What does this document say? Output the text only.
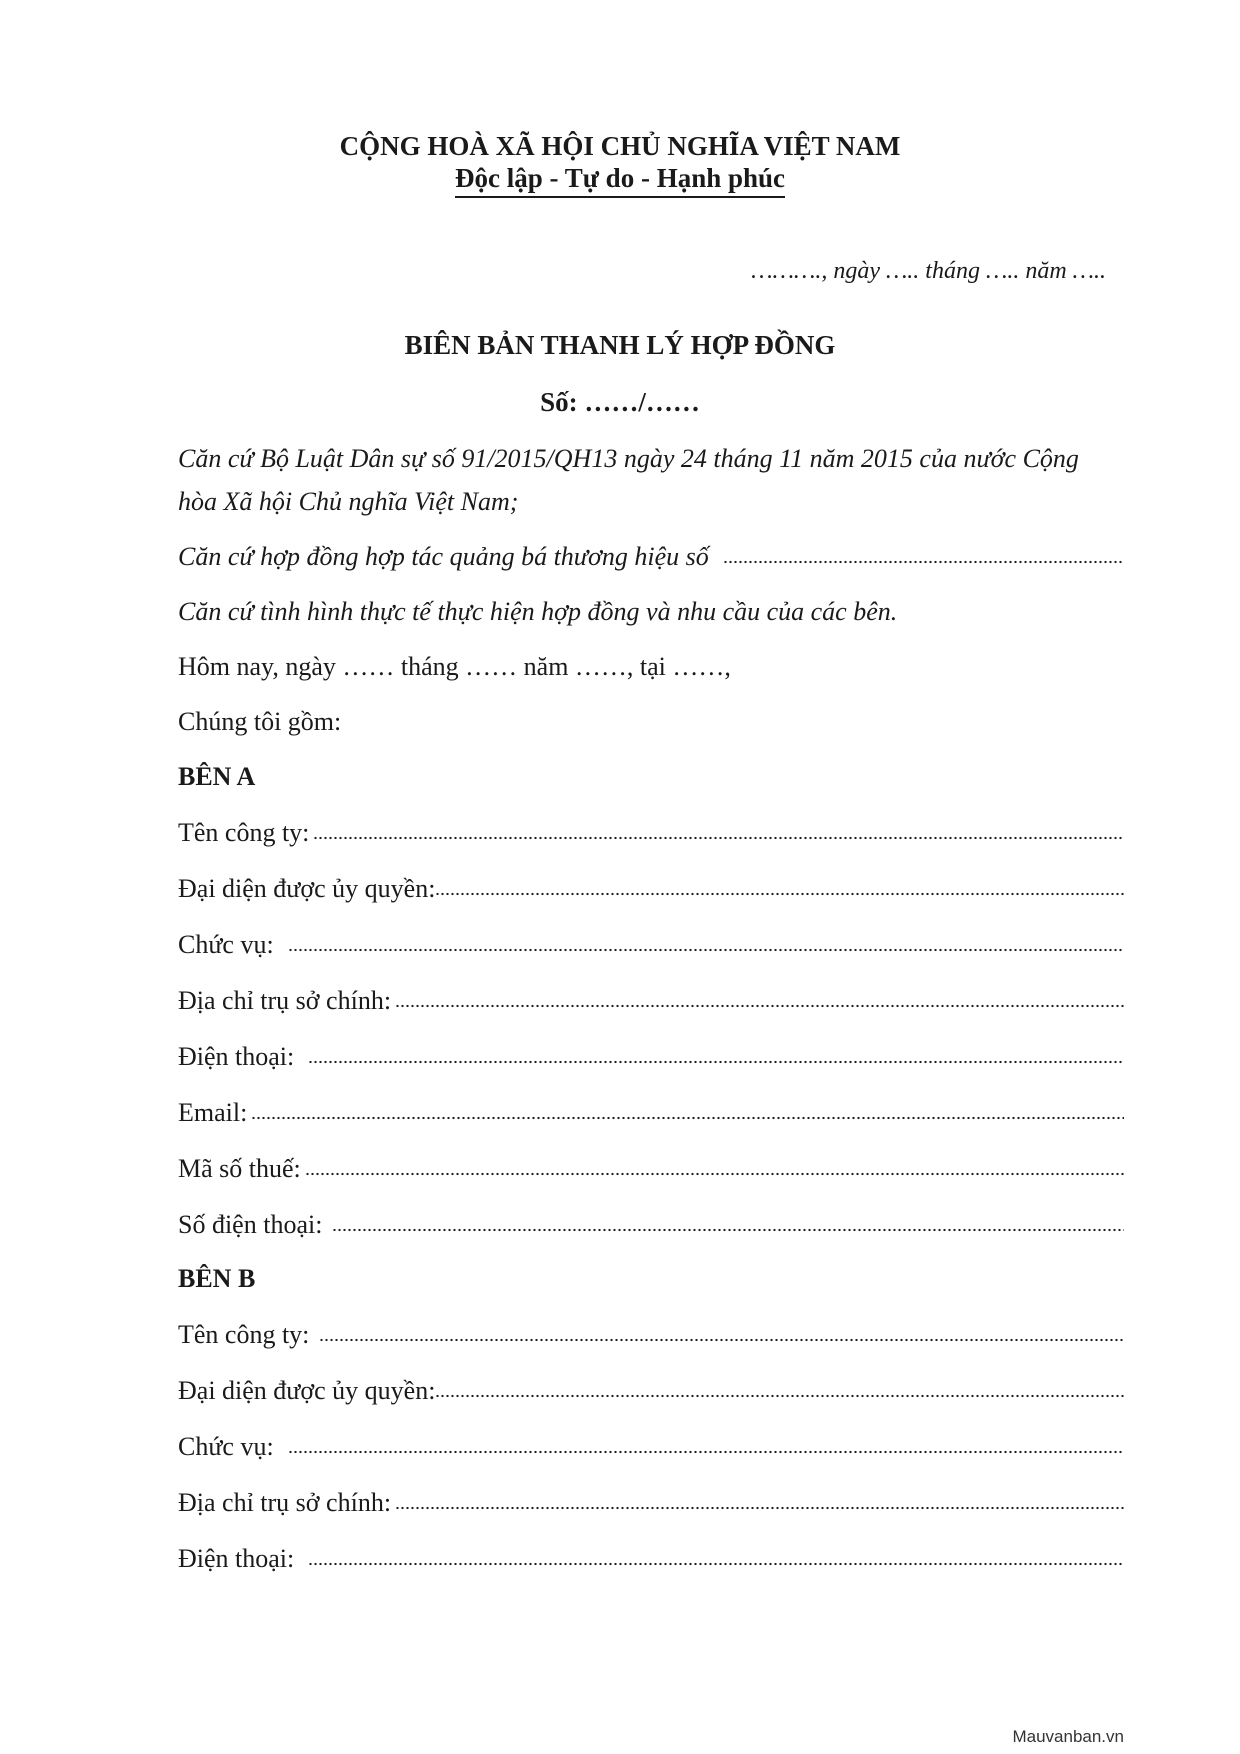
CỘNG HOÀ XÃ HỘI CHỦ NGHĨA VIỆT NAM
Độc lập - Tự do - Hạnh phúc
………., ngày ….. tháng ….. năm …..
BIÊN BẢN THANH LÝ HỢP ĐỒNG
Số: ……/……
Căn cứ Bộ Luật Dân sự số 91/2015/QH13 ngày 24 tháng 11 năm 2015 của nước Cộng
hòa Xã hội Chủ nghĩa Việt Nam;
Căn cứ hợp đồng hợp tác quảng bá thương hiệu số
Căn cứ tình hình thực tế thực hiện hợp đồng và nhu cầu của các bên.
Hôm nay, ngày …… tháng …… năm ……, tại ……,
Chúng tôi gồm:
BÊN A
Tên công ty:
Đại diện được ủy quyền:
Chức vụ:
Địa chỉ trụ sở chính:
Điện thoại:
Email:
Mã số thuế:
Số điện thoại:
BÊN B
Tên công ty:
Đại diện được ủy quyền:
Chức vụ:
Địa chỉ trụ sở chính:
Điện thoại:
Mauvanban.vn
